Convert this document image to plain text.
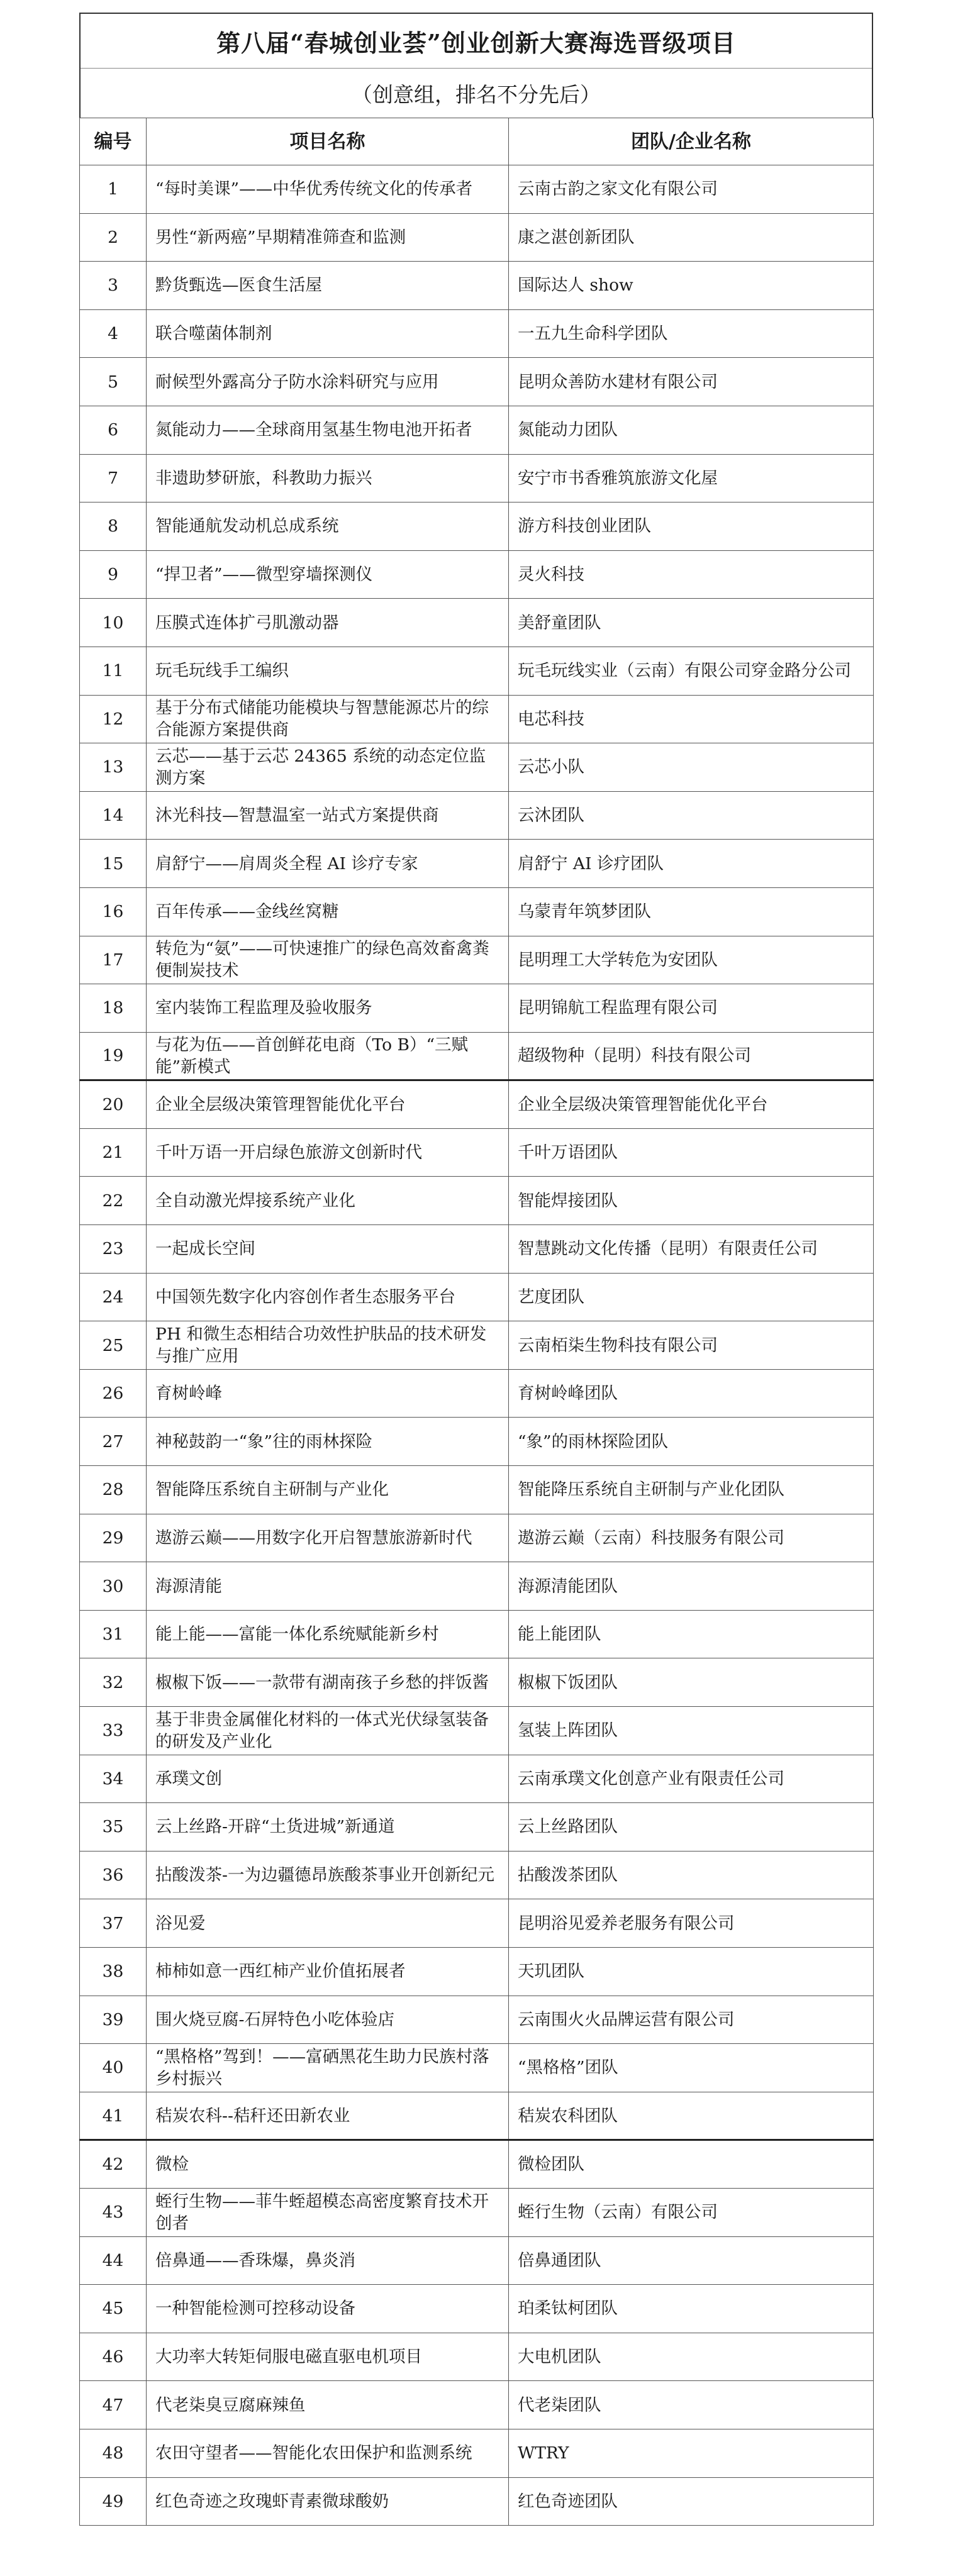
第八届“春城创业荟”创业创新大赛海选晋级项目
（创意组，排名不分先后）
编号	项目名称	团队/企业名称
1	“每时美课”——中华优秀传统文化的传承者	云南古韵之家文化有限公司
2	男性“新两癌”早期精准筛查和监测	康之湛创新团队
3	黔货甄选—医食生活屋	国际达人 show
4	联合噬菌体制剂	一五九生命科学团队
5	耐候型外露高分子防水涂料研究与应用	昆明众善防水建材有限公司
6	氮能动力——全球商用氢基生物电池开拓者	氮能动力团队
7	非遗助梦研旅，科教助力振兴	安宁市书香雅筑旅游文化屋
8	智能通航发动机总成系统	游方科技创业团队
9	“捍卫者”——微型穿墙探测仪	灵火科技
10	压膜式连体扩弓肌激动器	美舒童团队
11	玩毛玩线手工编织	玩毛玩线实业（云南）有限公司穿金路分公司
12	基于分布式储能功能模块与智慧能源芯片的综合能源方案提供商	电芯科技
13	云芯——基于云芯 24365 系统的动态定位监测方案	云芯小队
14	沐光科技—智慧温室一站式方案提供商	云沐团队
15	肩舒宁——肩周炎全程 AI 诊疗专家	肩舒宁 AI 诊疗团队
16	百年传承——金线丝窝糖	乌蒙青年筑梦团队
17	转危为“氨”——可快速推广的绿色高效畜禽粪便制炭技术	昆明理工大学转危为安团队
18	室内装饰工程监理及验收服务	昆明锦航工程监理有限公司
19	与花为伍——首创鲜花电商（To B）“三赋能”新模式	超级物种（昆明）科技有限公司
20	企业全层级决策管理智能优化平台	企业全层级决策管理智能优化平台
21	千叶万语一开启绿色旅游文创新时代	千叶万语团队
22	全自动激光焊接系统产业化	智能焊接团队
23	一起成长空间	智慧跳动文化传播（昆明）有限责任公司
24	中国领先数字化内容创作者生态服务平台	艺度团队
25	PH 和微生态相结合功效性护肤品的技术研发与推广应用	云南栢柒生物科技有限公司
26	育树岭峰	育树岭峰团队
27	神秘鼓韵一“象”往的雨林探险	“象”的雨林探险团队
28	智能降压系统自主研制与产业化	智能降压系统自主研制与产业化团队
29	遨游云巅——用数字化开启智慧旅游新时代	遨游云巅（云南）科技服务有限公司
30	海源清能	海源清能团队
31	能上能——富能一体化系统赋能新乡村	能上能团队
32	椒椒下饭——一款带有湖南孩子乡愁的拌饭酱	椒椒下饭团队
33	基于非贵金属催化材料的一体式光伏绿氢装备的研发及产业化	氢装上阵团队
34	承璞文创	云南承璞文化创意产业有限责任公司
35	云上丝路-开辟“土货进城”新通道	云上丝路团队
36	拈酸泼茶-一为边疆德昂族酸茶事业开创新纪元	拈酸泼茶团队
37	浴见爱	昆明浴见爱养老服务有限公司
38	柿柿如意一西红柿产业价值拓展者	天玑团队
39	围火烧豆腐-石屏特色小吃体验店	云南围火火品牌运营有限公司
40	“黑格格”驾到！——富硒黑花生助力民族村落乡村振兴	“黑格格”团队
41	秸炭农科--秸秆还田新农业	秸炭农科团队
42	微检	微检团队
43	蛭行生物——菲牛蛭超模态高密度繁育技术开创者	蛭行生物（云南）有限公司
44	倍鼻通——香珠爆，鼻炎消	倍鼻通团队
45	一种智能检测可控移动设备	珀柔钛柯团队
46	大功率大转矩伺服电磁直驱电机项目	大电机团队
47	代老柒臭豆腐麻辣鱼	代老柒团队
48	农田守望者——智能化农田保护和监测系统	WTRY
49	红色奇迹之玫瑰虾青素微球酸奶	红色奇迹团队
